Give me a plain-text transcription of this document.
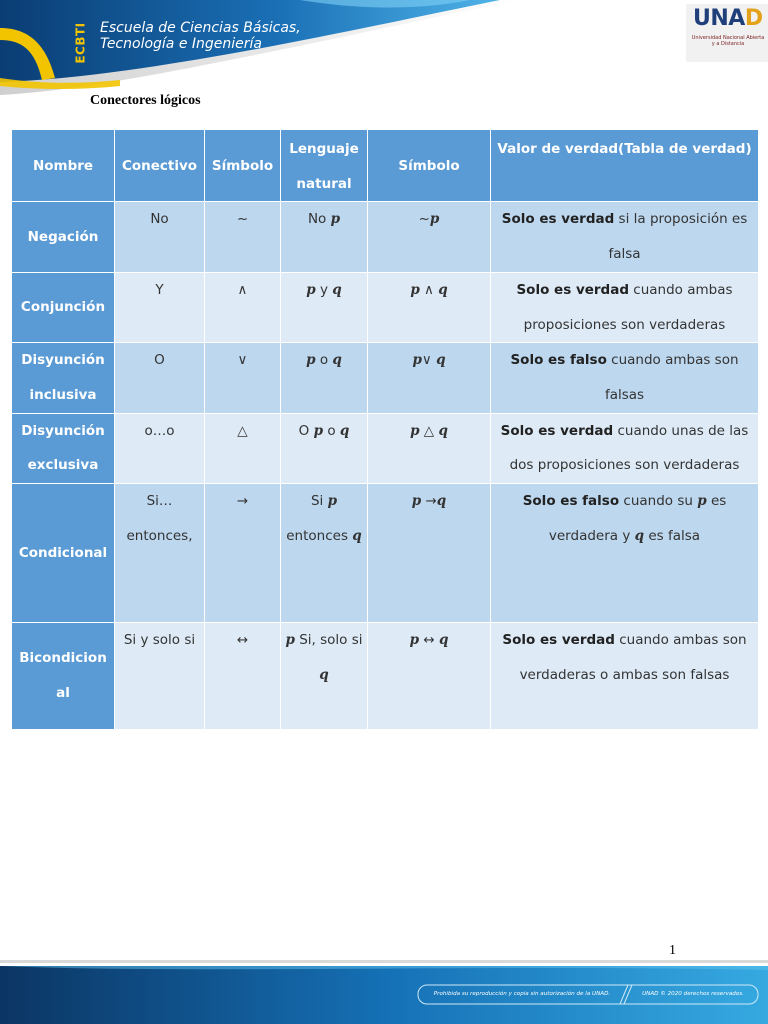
ECBTI Escuela de Ciencias Básicas, Tecnología e Ingeniería
UNAD
Universidad Nacional Abierta y a Distancia
Conectores lógicos
Nombre	Conectivo	Símbolo	Lenguaje natural	Símbolo	Valor de verdad(Tabla de verdad)
Negación	No	~	No p	~p	Solo es verdad si la proposición es falsa
Conjunción	Y	∧	p y q	p ∧ q	Solo es verdad cuando ambas proposiciones son verdaderas
Disyunción inclusiva	O	∨	p o q	p∨ q	Solo es falso cuando ambas son falsas
Disyunción exclusiva	o…o	△	O p o q	p △ q	Solo es verdad cuando unas de las dos proposiciones son verdaderas
Condicional	Si… entonces,	→	Si p entonces q	p →q	Solo es falso cuando su p es verdadera y q es falsa
Bicondicional	Si y solo si	↔	p Si, solo si q	p ↔ q	Solo es verdad cuando ambas son verdaderas o ambas son falsas
1
Prohibida su reproducción y copia sin autorización de la UNAD.	UNAD © 2020 derechos reservados.
